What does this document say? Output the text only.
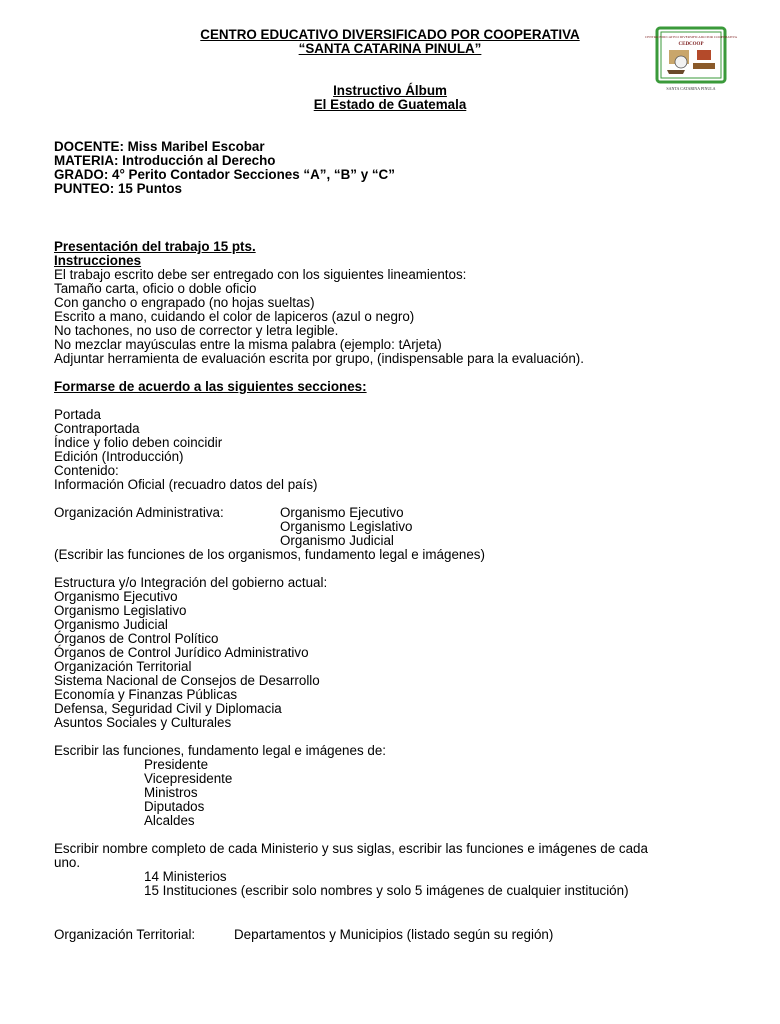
CENTRO EDUCATIVO DIVERSIFICADO POR COOPERATIVA
“SANTA CATARINA PINULA”
Instructivo Álbum
El Estado de Guatemala
CENTRO EDUCATIVO DIVERSIFICADO POR COOPERATIVA
CEDCOOP
SANTA CATARINA PINULA
DOCENTE: Miss Maribel Escobar
MATERIA: Introducción al Derecho
GRADO: 4° Perito Contador Secciones “A”, “B” y “C”
PUNTEO: 15 Puntos
Presentación del trabajo 15 pts.
Instrucciones
El trabajo escrito debe ser entregado con los siguientes lineamientos:
Tamaño carta, oficio o doble oficio
Con gancho o engrapado (no hojas sueltas)
Escrito a mano, cuidando el color de lapiceros (azul o negro)
No tachones, no uso de corrector y letra legible.
No mezclar mayúsculas entre la misma palabra (ejemplo: tArjeta)
Adjuntar herramienta de evaluación escrita por grupo, (indispensable para la evaluación).
Formarse de acuerdo a las siguientes secciones:
Portada
Contraportada
Índice y folio deben coincidir
Edición (Introducción)
Contenido:
Información Oficial (recuadro datos del país)
Organización Administrativa:	Organismo Ejecutivo
Organismo Legislativo
Organismo Judicial
(Escribir las funciones de los organismos, fundamento legal e imágenes)
Estructura y/o Integración del gobierno actual:
Organismo Ejecutivo
Organismo Legislativo
Organismo Judicial
Órganos de Control Político
Órganos de Control Jurídico Administrativo
Organización Territorial
Sistema Nacional de Consejos de Desarrollo
Economía y Finanzas Públicas
Defensa, Seguridad Civil y Diplomacia
Asuntos Sociales y Culturales
Escribir las funciones, fundamento legal e imágenes de:
Presidente
Vicepresidente
Ministros
Diputados
Alcaldes
Escribir nombre completo de cada Ministerio y sus siglas, escribir las funciones e imágenes de cada
uno.
14 Ministerios
15 Instituciones (escribir solo nombres y solo 5 imágenes de cualquier institución)
Organización Territorial:	Departamentos y Municipios (listado según su región)
